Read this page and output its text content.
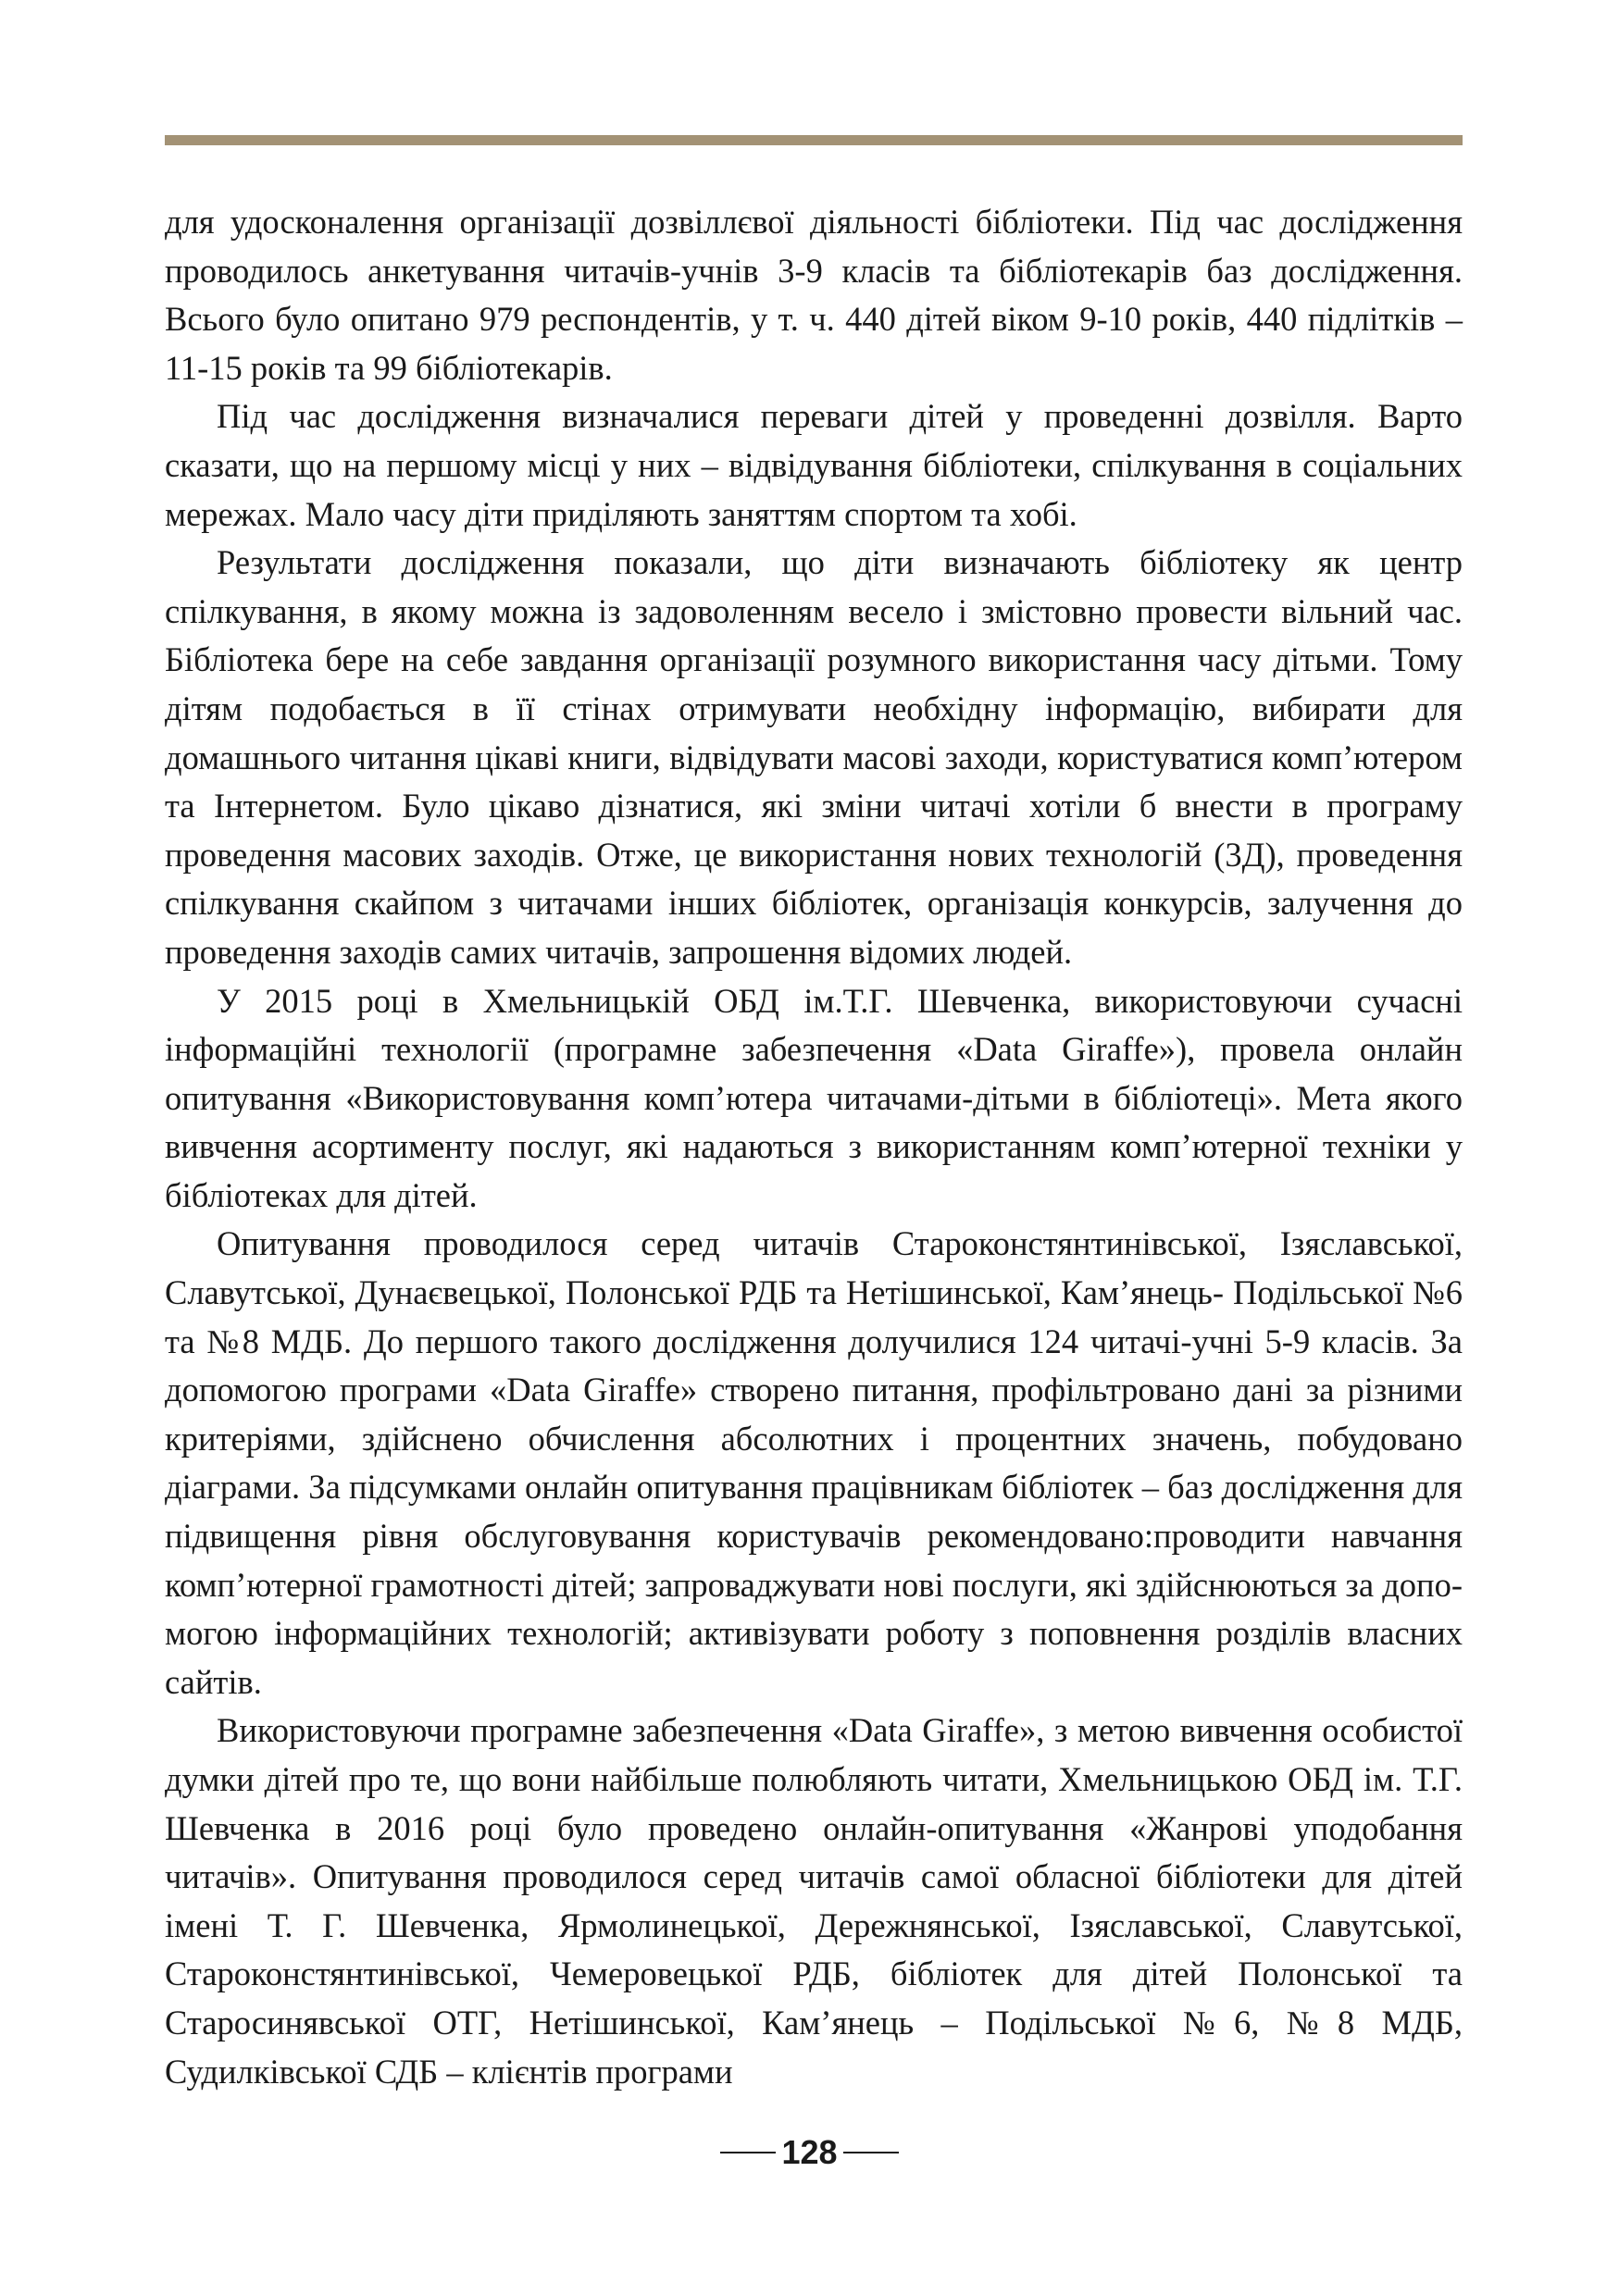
для удосконалення організації дозвіллєвої діяльності бібліотеки. Під час дослідження проводилось анкетування читачів-учнів 3-9 класів та бібліотекарів баз дослідження. Всього було опитано 979 респондентів, у т. ч. 440 дітей віком 9-10 років, 440 підлітків – 11-15 років та 99 бібліотекарів.

Під час дослідження визначалися переваги дітей у проведенні дозвілля. Варто сказати, що на першому місці у них – відвідування бібліотеки, спілкування в соціальних мережах. Мало часу діти приділяють заняттям спортом та хобі.

Результати дослідження показали, що діти визначають бібліотеку як центр спілкування, в якому можна із задоволенням весело і змістовно провести вільний час. Бібліотека бере на себе завдання організації розумного використання часу дітьми. Тому дітям подобається в її стінах отримувати необхідну інформацію, вибирати для домашнього читання цікаві книги, відвідувати масові заходи, користуватися комп’ютером та Інтернетом. Було цікаво дізнатися, які зміни читачі хотіли б внести в програму проведення масових заходів. Отже, це використання нових технологій (3Д), проведення спілкування скайпом з читачами інших бібліотек, організація конкурсів, залучення до проведення заходів самих читачів, запрошення відомих людей.

У 2015 році в Хмельницькій ОБД ім.Т.Г. Шевченка, використовуючи сучасні інформаційні технології (програмне забезпечення «Data Giraffe»), провела онлайн опитування «Використовування комп’ютера читачами-дітьми в бібліотеці». Мета якого вивчення асортименту послуг, які надаються з використанням комп’ютерної техніки у бібліотеках для дітей.

Опитування проводилося серед читачів Староконстянтинівської, Ізяславської, Славутської, Дунаєвецької, Полонської РДБ та Нетішинської, Кам’янець- Подільської №6 та №8 МДБ. До першого такого дослідження долучилися 124 читачі-учні 5-9 класів. За допомогою програми «Data Giraffe» створено питання, профільтровано дані за різними критеріями, здійснено обчислення абсолютних і процентних значень, побудовано діаграми. За підсумками онлайн опитування працівникам бібліотек – баз дослідження для підвищення рівня обслуговування користувачів рекомендовано:проводити навчання комп’ютерної грамотності дітей; запроваджувати нові послуги, які здійснюються за допомогою інформаційних технологій; активізувати роботу з поповнення розділів власних сайтів.

Використовуючи програмне забезпечення «Data Giraffe», з метою вивчення особистої думки дітей про те, що вони найбільше полюбляють читати, Хмельницькою ОБД ім. Т.Г. Шевченка в 2016 році було проведено онлайн-опитування «Жанрові уподобання читачів». Опитування проводилося серед читачів самої обласної бібліотеки для дітей імені Т. Г. Шевченка, Ярмолинецької, Дережнянської, Ізяславської, Славутської, Староконстянтинівської, Чемеровецької РДБ, бібліотек для дітей Полонської та Старосинявської ОТГ, Нетішинської, Кам’янець – Подільської №6, №8 МДБ, Судилківської СДБ – клієнтів програми

128
